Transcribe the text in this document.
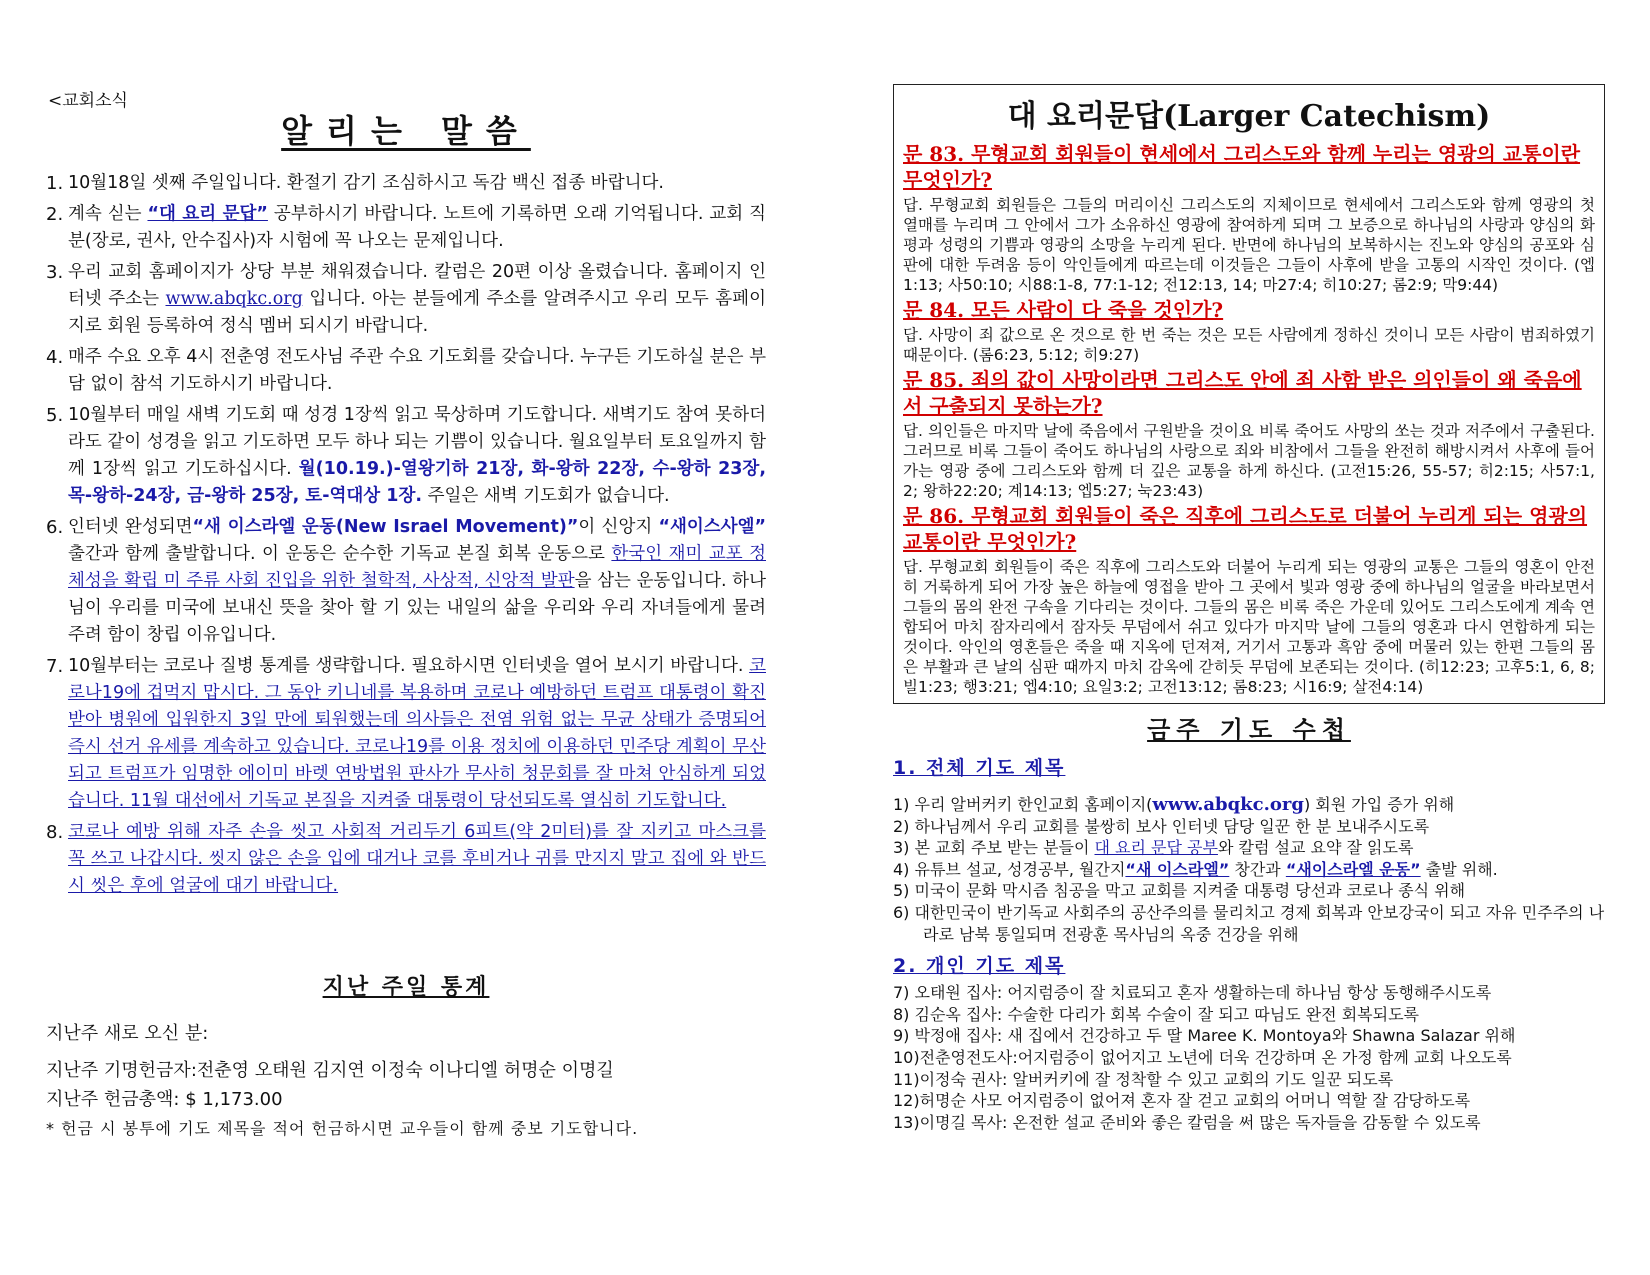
<교회소식
알리는 말씀
1. 10월18일 셋째 주일입니다. 환절기 감기 조심하시고 독감 백신 접종 바랍니다.
2. 계속 싣는 “대 요리 문답” 공부하시기 바랍니다. 노트에 기록하면 오래 기억됩니다. 교회 직분(장로, 권사, 안수집사)자 시험에 꼭 나오는 문제입니다.
3. 우리 교회 홈페이지가 상당 부분 채워졌습니다. 칼럼은 20편 이상 올렸습니다. 홈페이지 인터넷 주소는 www.abqkc.org 입니다. 아는 분들에게 주소를 알려주시고 우리 모두 홈페이지로 회원 등록하여 정식 멤버 되시기 바랍니다.
4. 매주 수요 오후 4시 전춘영 전도사님 주관 수요 기도회를 갖습니다. 누구든 기도하실 분은 부담 없이 참석 기도하시기 바랍니다.
5. 10월부터 매일 새벽 기도회 때 성경 1장씩 읽고 묵상하며 기도합니다. 새벽기도 참여 못하더라도 같이 성경을 읽고 기도하면 모두 하나 되는 기쁨이 있습니다. 월요일부터 토요일까지 함께 1장씩 읽고 기도하십시다. 월(10.19.)-열왕기하 21장, 화-왕하 22장, 수-왕하 23장, 목-왕하-24장, 금-왕하 25장, 토-역대상 1장. 주일은 새벽 기도회가 없습니다.
6. 인터넷 완성되면“새 이스라엘 운동(New Israel Movement)”이 신앙지 “새이스사엘” 출간과 함께 출발합니다. 이 운동은 순수한 기독교 본질 회복 운동으로 한국인 재미 교포 정체성을 확립 미 주류 사회 진입을 위한 철학적, 사상적, 신앙적 발판을 삼는 운동입니다. 하나님이 우리를 미국에 보내신 뜻을 찾아 할 기 있는 내일의 삶을 우리와 우리 자녀들에게 물려주려 함이 창립 이유입니다.
7. 10월부터는 코로나 질병 통계를 생략합니다. 필요하시면 인터넷을 열어 보시기 바랍니다. 코로나19에 겁먹지 맙시다. 그 동안 키니네를 복용하며 코로나 예방하던 트럼프 대통령이 확진 받아 병원에 입원한지 3일 만에 퇴원했는데 의사들은 전염 위험 없는 무균 상태가 증명되어 즉시 선거 유세를 계속하고 있습니다. 코로나19를 이용 정치에 이용하던 민주당 계획이 무산되고 트럼프가 임명한 에이미 바렛 연방법원 판사가 무사히 청문회를 잘 마쳐 안심하게 되었습니다. 11월 대선에서 기독교 본질을 지켜줄 대통령이 당선되도록 열심히 기도합니다.
8. 코로나 예방 위해 자주 손을 씻고 사회적 거리두기 6피트(약 2미터)를 잘 지키고 마스크를 꼭 쓰고 나갑시다. 씻지 않은 손을 입에 대거나 코를 후비거나 귀를 만지지 말고 집에 와 반드시 씻은 후에 얼굴에 대기 바랍니다.
지난 주일 통계

지난주 새로 오신 분:

지난주 기명헌금자:전춘영 오태원 김지연 이정숙 이나디엘 허명순 이명길

지난주 헌금총액: $ 1,173.00

* 헌금 시 봉투에 기도 제목을 적어 헌금하시면 교우들이 함께 중보 기도합니다.

대 요리문답(Larger Catechism)
문 83. 무형교회 회원들이 현세에서 그리스도와 함께 누리는 영광의 교통이란 무엇인가?
답. 무형교회 회원들은 그들의 머리이신 그리스도의 지체이므로 현세에서 그리스도와 함께 영광의 첫 열매를 누리며 그 안에서 그가 소유하신 영광에 참여하게 되며 그 보증으로 하나님의 사랑과 양심의 화평과 성령의 기쁨과 영광의 소망을 누리게 된다. 반면에 하나님의 보복하시는 진노와 양심의 공포와 심판에 대한 두려움 등이 악인들에게 따르는데 이것들은 그들이 사후에 받을 고통의 시작인 것이다. (엡1:13; 사50:10; 시88:1-8, 77:1-12; 전12:13, 14; 마27:4; 히10:27; 롬2:9; 막9:44)
문 84. 모든 사람이 다 죽을 것인가?
답. 사망이 죄 값으로 온 것으로 한 번 죽는 것은 모든 사람에게 정하신 것이니 모든 사람이 범죄하였기 때문이다. (롬6:23, 5:12; 히9:27)
문 85. 죄의 값이 사망이라면 그리스도 안에 죄 사함 받은 의인들이 왜 죽음에서 구출되지 못하는가?
답. 의인들은 마지막 날에 죽음에서 구원받을 것이요 비록 죽어도 사망의 쏘는 것과 저주에서 구출된다. 그러므로 비록 그들이 죽어도 하나님의 사랑으로 죄와 비참에서 그들을 완전히 해방시켜서 사후에 들어가는 영광 중에 그리스도와 함께 더 깊은 교통을 하게 하신다. (고전15:26, 55-57; 히2:15; 사57:1, 2; 왕하22:20; 계14:13; 엡5:27; 눅23:43)
문 86. 무형교회 회원들이 죽은 직후에 그리스도로 더불어 누리게 되는 영광의 교통이란 무엇인가?
답. 무형교회 회원들이 죽은 직후에 그리스도와 더불어 누리게 되는 영광의 교통은 그들의 영혼이 안전히 거룩하게 되어 가장 높은 하늘에 영접을 받아 그 곳에서 빛과 영광 중에 하나님의 얼굴을 바라보면서 그들의 몸의 완전 구속을 기다리는 것이다. 그들의 몸은 비록 죽은 가운데 있어도 그리스도에게 계속 연합되어 마치 잠자리에서 잠자듯 무덤에서 쉬고 있다가 마지막 날에 그들의 영혼과 다시 연합하게 되는 것이다. 악인의 영혼들은 죽을 때 지옥에 던져져, 거기서 고통과 흑암 중에 머물러 있는 한편 그들의 몸은 부활과 큰 날의 심판 때까지 마치 감옥에 갇히듯 무덤에 보존되는 것이다. (히12:23; 고후5:1, 6, 8; 빌1:23; 행3:21; 엡4:10; 요일3:2; 고전13:12; 롬8:23; 시16:9; 살전4:14)
금주 기도 수첩
1. 전체 기도 제목
1) 우리 알버커키 한인교회 홈페이지(www.abqkc.org) 회원 가입 증가 위해
2) 하나님께서 우리 교회를 불쌍히 보사 인터넷 담당 일꾼 한 분 보내주시도록
3) 본 교회 주보 받는 분들이 대 요리 문답 공부와 칼럼 설교 요약 잘 읽도록
4) 유튜브 설교, 성경공부, 월간지“새 이스라엘” 창간과 “새이스라엘 운동” 출발 위해.
5) 미국이 문화 막시즘 침공을 막고 교회를 지켜줄 대통령 당선과 코로나 종식 위해
6) 대한민국이 반기독교 사회주의 공산주의를 물리치고 경제 회복과 안보강국이 되고 자유 민주주의 나라로 남북 통일되며 전광훈 목사님의 옥중 건강을 위해
2. 개인 기도 제목
7) 오태원 집사: 어지럼증이 잘 치료되고 혼자 생활하는데 하나님 항상 동행해주시도록
8) 김순옥 집사: 수술한 다리가 회복 수술이 잘 되고 따님도 완전 회복되도록
9) 박정애 집사: 새 집에서 건강하고 두 딸 Maree K. Montoya와 Shawna Salazar 위해
10)전춘영전도사:어지럼증이 없어지고 노년에 더욱 건강하며 온 가정 함께 교회 나오도록
11)이정숙 권사: 알버커키에 잘 정착할 수 있고 교회의 기도 일꾼 되도록
12)허명순 사모 어지럼증이 없어져 혼자 잘 걷고 교회의 어머니 역할 잘 감당하도록
13)이명길 목사: 온전한 설교 준비와 좋은 칼럼을 써 많은 독자들을 감동할 수 있도록
